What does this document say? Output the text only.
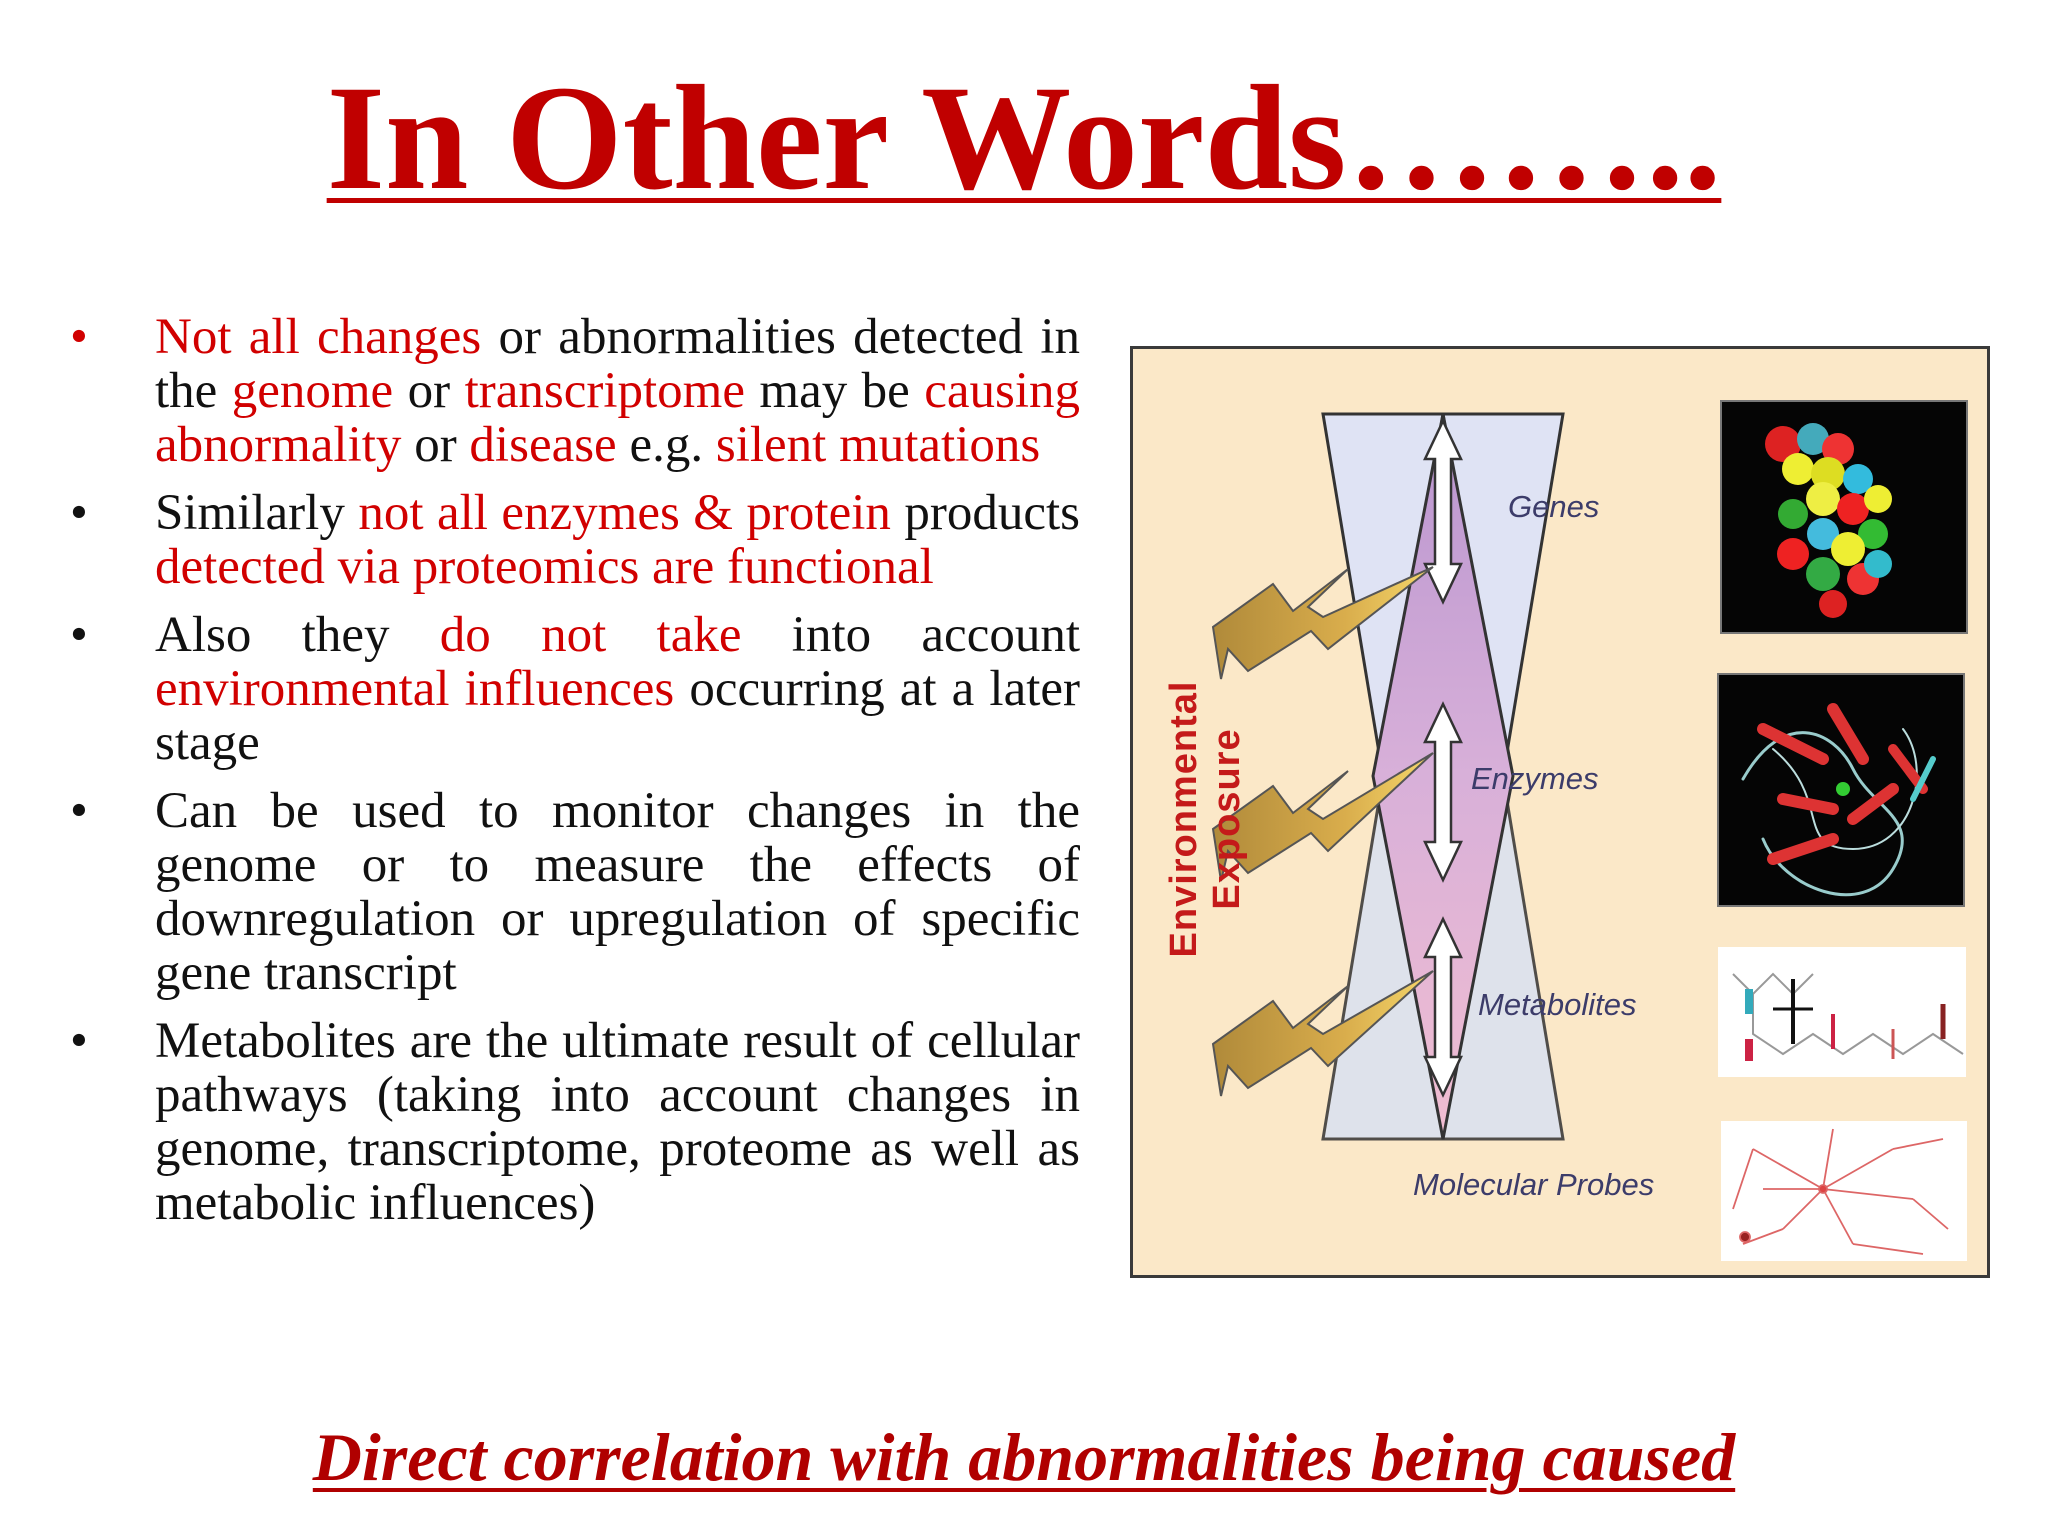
In Other Words……..
•	Not all changes or abnormalities detected in the genome or transcriptome may be causing abnormality or disease e.g. silent mutations
•	Similarly not all enzymes & protein products detected via proteomics are functional
•	Also they do not take into account environmental influences occurring at a later stage
•	Can be used to monitor changes in the genome or to measure the effects of downregulation or upregulation of specific gene transcript
•	Metabolites are the ultimate result of cellular pathways (taking into account changes in genome, transcriptome, proteome as well as metabolic influences)
Environmental Exposure
Genes
Enzymes
Metabolites
Molecular Probes
Direct correlation with abnormalities being caused
